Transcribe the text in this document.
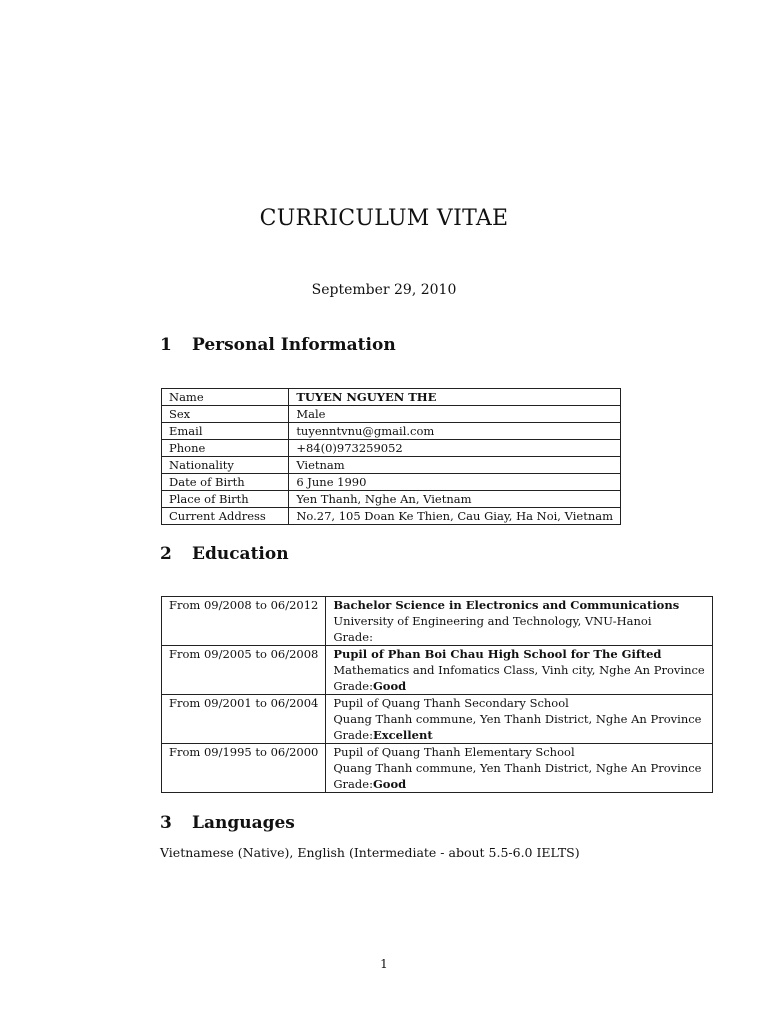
CURRICULUM VITAE
September 29, 2010
1 Personal Information
Name	TUYEN NGUYEN THE
Sex	Male
Email	tuyenntvnu@gmail.com
Phone	+84(0)973259052
Nationality	Vietnam
Date of Birth	6 June 1990
Place of Birth	Yen Thanh, Nghe An, Vietnam
Current Address	No.27, 105 Doan Ke Thien, Cau Giay, Ha Noi, Vietnam
2 Education
From 09/2008 to 06/2012	Bachelor Science in Electronics and Communications
University of Engineering and Technology, VNU-Hanoi
Grade:

From 09/2005 to 06/2008	Pupil of Phan Boi Chau High School for The Gifted
Mathematics and Infomatics Class, Vinh city, Nghe An Province
Grade:Good

From 09/2001 to 06/2004	Pupil of Quang Thanh Secondary School
Quang Thanh commune, Yen Thanh District, Nghe An Province
Grade:Excellent

From 09/1995 to 06/2000	Pupil of Quang Thanh Elementary School
Quang Thanh commune, Yen Thanh District, Nghe An Province
Grade:Good
3 Languages
Vietnamese (Native), English (Intermediate - about 5.5-6.0 IELTS)
1
